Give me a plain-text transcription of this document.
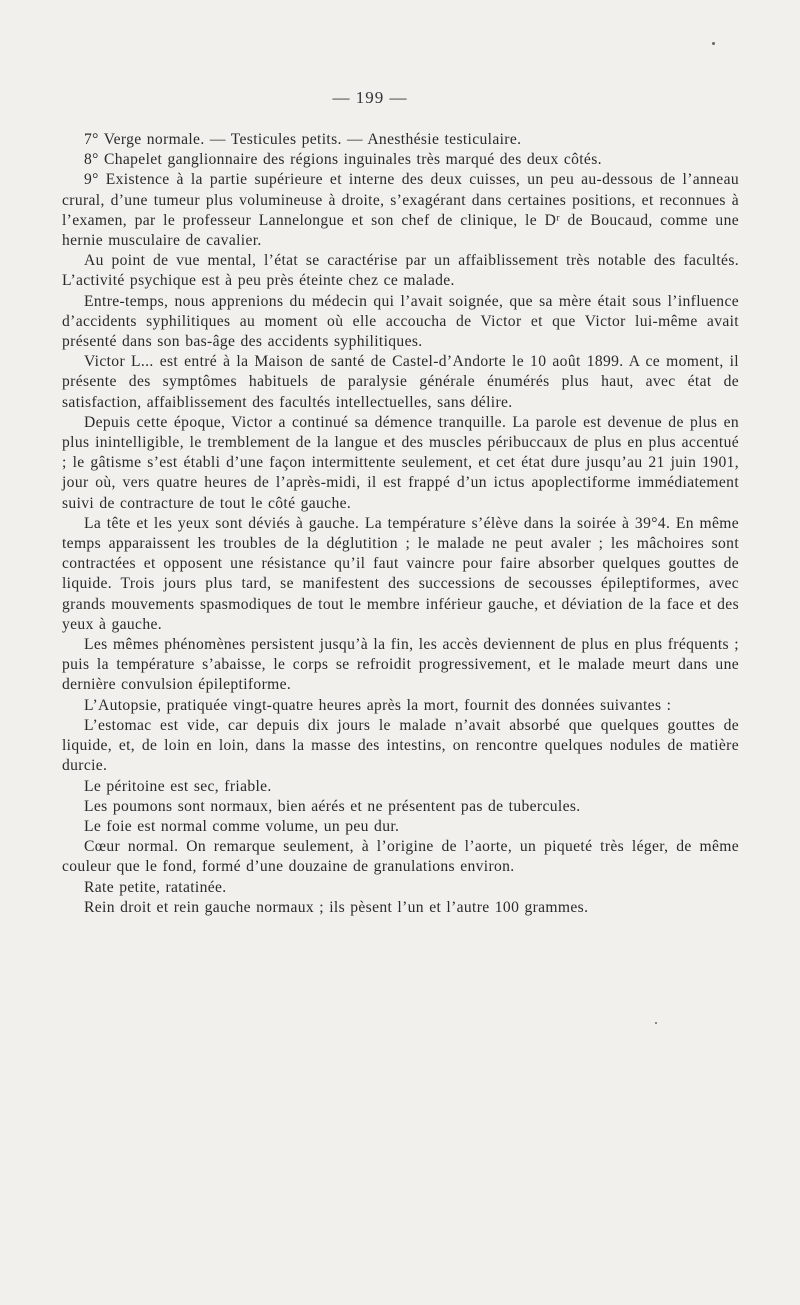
— 199 —

7° Verge normale. — Testicules petits. — Anesthésie testiculaire.

8° Chapelet ganglionnaire des régions inguinales très marqué des deux côtés.

9° Existence à la partie supérieure et interne des deux cuisses, un peu au-dessous de l’anneau crural, d’une tumeur plus volumineuse à droite, s’exagérant dans certaines positions, et reconnues à l’examen, par le professeur Lannelongue et son chef de clinique, le Dʳ de Boucaud, comme une hernie musculaire de cavalier.

Au point de vue mental, l’état se caractérise par un affaiblissement très notable des facultés. L’activité psychique est à peu près éteinte chez ce malade.

Entre-temps, nous apprenions du médecin qui l’avait soignée, que sa mère était sous l’influence d’accidents syphilitiques au moment où elle accoucha de Victor et que Victor lui-même avait présenté dans son bas-âge des accidents syphilitiques.

Victor L... est entré à la Maison de santé de Castel-d’Andorte le 10 août 1899. A ce moment, il présente des symptômes habituels de paralysie générale énumérés plus haut, avec état de satisfaction, affaiblissement des facultés intellectuelles, sans délire.

Depuis cette époque, Victor a continué sa démence tranquille. La parole est devenue de plus en plus inintelligible, le tremblement de la langue et des muscles péribuccaux de plus en plus accentué ; le gâtisme s’est établi d’une façon intermittente seulement, et cet état dure jusqu’au 21 juin 1901, jour où, vers quatre heures de l’après-midi, il est frappé d’un ictus apoplectiforme immédiatement suivi de contracture de tout le côté gauche.

La tête et les yeux sont déviés à gauche. La température s’élève dans la soirée à 39°4. En même temps apparaissent les troubles de la déglutition ; le malade ne peut avaler ; les mâchoires sont contractées et opposent une résistance qu’il faut vaincre pour faire absorber quelques gouttes de liquide. Trois jours plus tard, se manifestent des successions de secousses épileptiformes, avec grands mouvements spasmodiques de tout le membre inférieur gauche, et déviation de la face et des yeux à gauche.

Les mêmes phénomènes persistent jusqu’à la fin, les accès deviennent de plus en plus fréquents ; puis la température s’abaisse, le corps se refroidit progressivement, et le malade meurt dans une dernière convulsion épileptiforme.

L’Autopsie, pratiquée vingt-quatre heures après la mort, fournit des données suivantes :

L’estomac est vide, car depuis dix jours le malade n’avait absorbé que quelques gouttes de liquide, et, de loin en loin, dans la masse des intestins, on rencontre quelques nodules de matière durcie.

Le péritoine est sec, friable.

Les poumons sont normaux, bien aérés et ne présentent pas de tubercules.

Le foie est normal comme volume, un peu dur.

Cœur normal. On remarque seulement, à l’origine de l’aorte, un piqueté très léger, de même couleur que le fond, formé d’une douzaine de granulations environ.

Rate petite, ratatinée.

Rein droit et rein gauche normaux ; ils pèsent l’un et l’autre 100 grammes.
